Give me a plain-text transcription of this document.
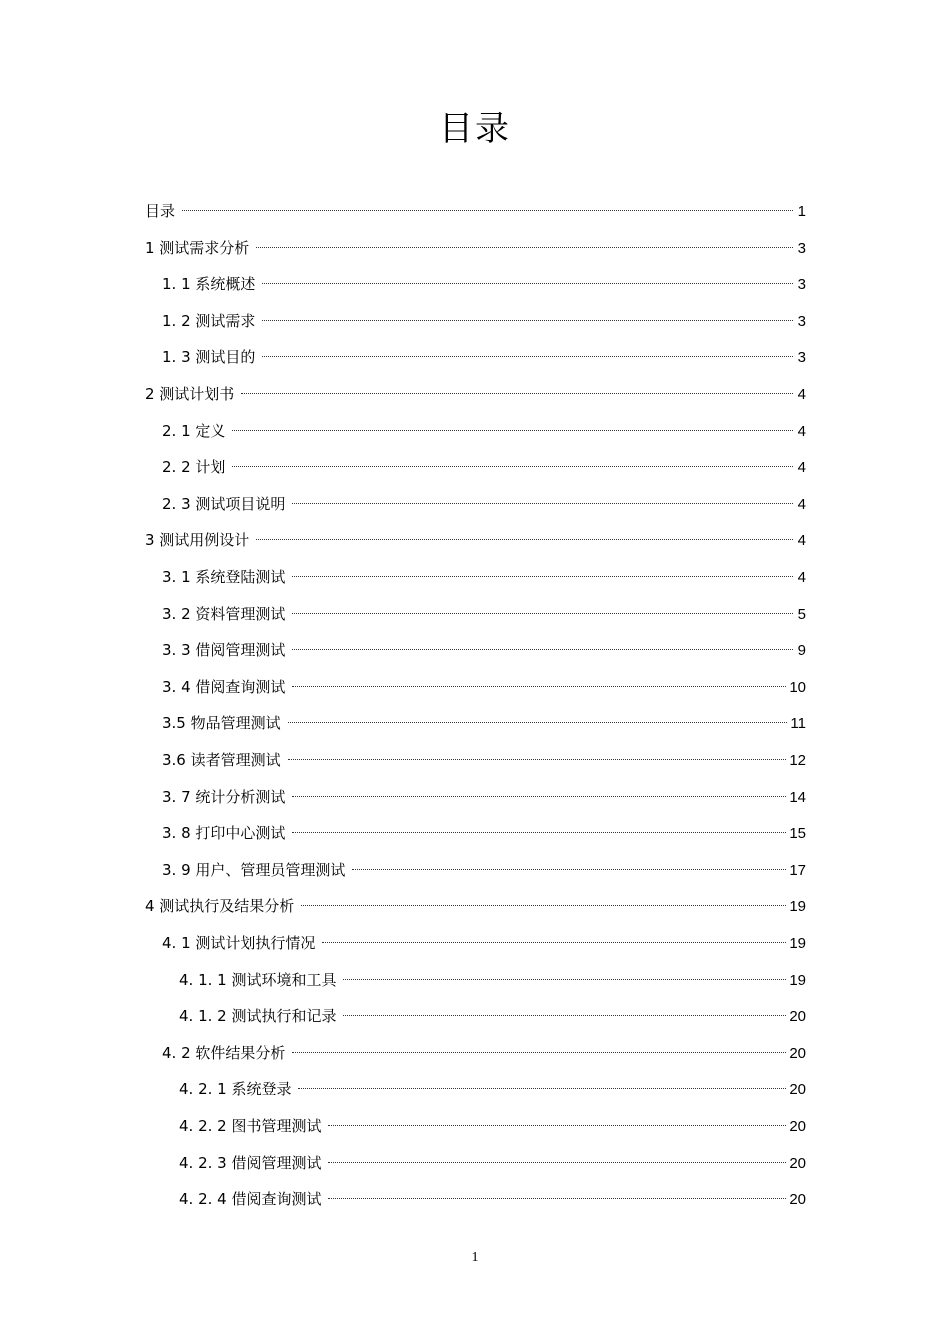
目录
目录	1
1 测试需求分析	3
1. 1 系统概述	3
1. 2 测试需求	3
1. 3 测试目的	3
2 测试计划书	4
2. 1 定义	4
2. 2 计划	4
2. 3 测试项目说明	4
3 测试用例设计	4
3. 1 系统登陆测试	4
3. 2 资料管理测试	5
3. 3 借阅管理测试	9
3. 4 借阅查询测试	10
3.5 物品管理测试	11
3.6 读者管理测试	12
3. 7 统计分析测试	14
3. 8 打印中心测试	15
3. 9 用户、管理员管理测试	17
4 测试执行及结果分析	19
4. 1 测试计划执行情况	19
4. 1. 1 测试环境和工具	19
4. 1. 2 测试执行和记录	20
4. 2 软件结果分析	20
4. 2. 1 系统登录	20
4. 2. 2 图书管理测试	20
4. 2. 3 借阅管理测试	20
4. 2. 4 借阅查询测试	20
1
